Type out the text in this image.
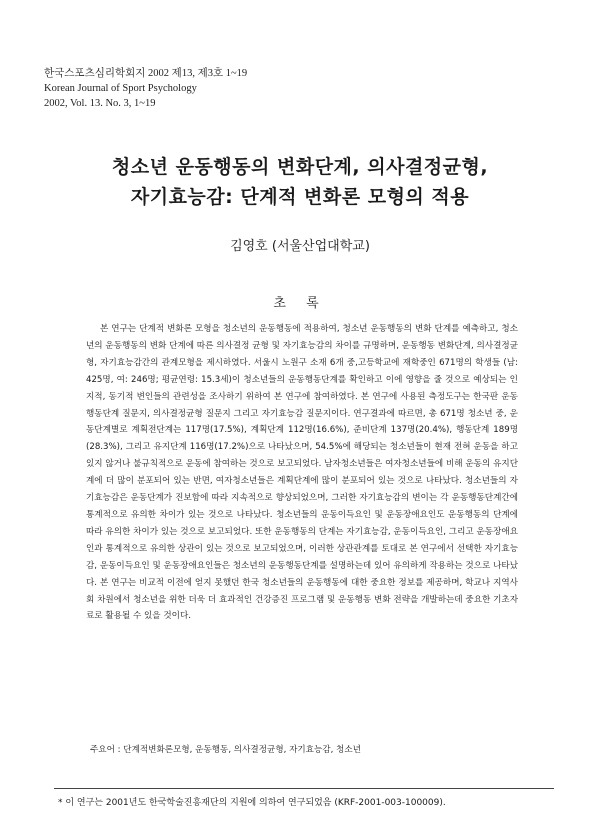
한국스포츠심리학회지 2002 제13, 제3호 1~19
Korean Journal of Sport Psychology
2002, Vol. 13. No. 3, 1~19
청소년 운동행동의 변화단계, 의사결정균형,
자기효능감: 단계적 변화론 모형의 적용
김영호 (서울산업대학교)
초 록
본 연구는 단계적 변화론 모형을 청소년의 운동행동에 적용하여, 청소년 운동행동의 변화 단계를 예측하고, 청소년의 운동행동의 변화 단계에 따른 의사결정 균형 및 자기효능감의 차이를 규명하며, 운동행동 변화단계, 의사결정균형, 자기효능감간의 관계모형을 제시하였다. 서울시 노원구 소재 6개 중,고등학교에 재학중인 671명의 학생들 (남: 425명, 여: 246명; 평균연령: 15.3세)이 청소년들의 운동행동단계를 확인하고 이에 영향을 줄 것으로 예상되는 인지적, 동기적 변인들의 관련성을 조사하기 위하여 본 연구에 참여하였다. 본 연구에 사용된 측정도구는 한국판 운동행동단계 질문지, 의사결정균형 질문지 그리고 자기효능감 질문지이다. 연구결과에 따르면, 총 671명 청소년 중, 운동단계별로 계획전단계는 117명(17.5%), 계획단계 112명(16.6%), 준비단계 137명(20.4%), 행동단계 189명(28.3%), 그리고 유지단계 116명(17.2%)으로 나타났으며, 54.5%에 해당되는 청소년들이 현재 전혀 운동을 하고 있지 않거나 불규칙적으로 운동에 참여하는 것으로 보고되었다. 남자청소년들은 여자청소년들에 비해 운동의 유지단계에 더 많이 분포되어 있는 반면, 여자청소년들은 계획단계에 많이 분포되어 있는 것으로 나타났다. 청소년들의 자기효능감은 운동단계가 진보함에 따라 지속적으로 향상되었으며, 그러한 자기효능감의 변이는 각 운동행동단계간에 통계적으로 유의한 차이가 있는 것으로 나타났다. 청소년들의 운동이득요인 및 운동장애요인도 운동행동의 단계에 따라 유의한 차이가 있는 것으로 보고되었다. 또한 운동행동의 단계는 자기효능감, 운동이득요인, 그리고 운동장애요인과 통계적으로 유의한 상관이 있는 것으로 보고되었으며, 이러한 상관관계를 토대로 본 연구에서 선택한 자기효능감, 운동이득요인 및 운동장애요인들은 청소년의 운동행동단계를 설명하는데 있어 유의하게 작용하는 것으로 나타났다. 본 연구는 비교적 이전에 얻지 못했던 한국 청소년들의 운동행동에 대한 중요한 정보를 제공하며, 학교나 지역사회 차원에서 청소년을 위한 더욱 더 효과적인 건강증진 프로그램 및 운동행동 변화 전략을 개발하는데 중요한 기초자료로 활용될 수 있을 것이다.
주요어 : 단계적변화론모형, 운동행동, 의사결정균형, 자기효능감, 청소년
* 이 연구는 2001년도 한국학술진흥재단의 지원에 의하여 연구되었음 (KRF-2001-003-100009).
